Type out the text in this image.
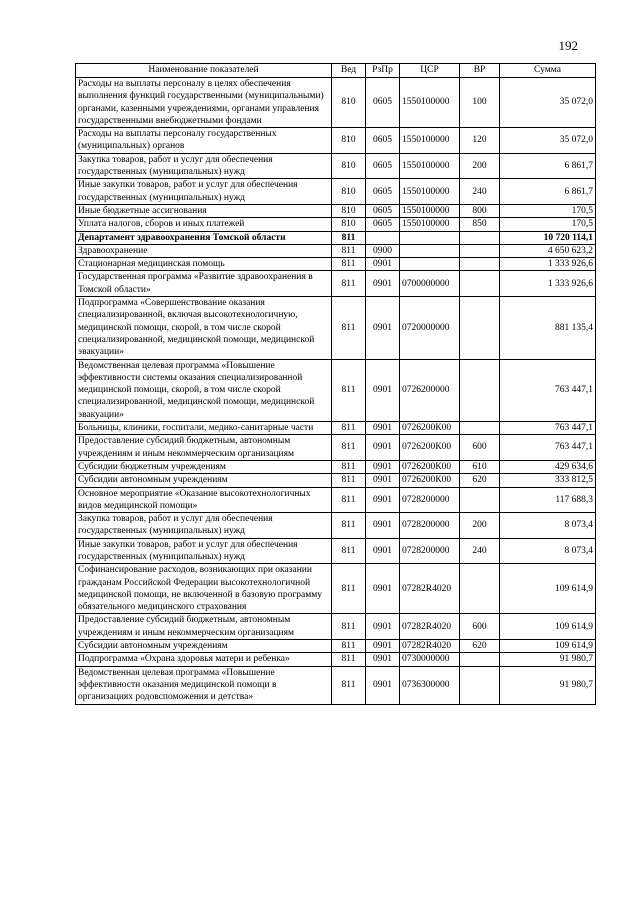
192
Наименование показателей	Вед	РзПр	ЦСР	ВР	Сумма
Расходы на выплаты персоналу в целях обеспечения выполнения функций государственными (муниципальными) органами, казенными учреждениями, органами управления государственными внебюджетными фондами	810	0605	1550100000	100	35 072,0
Расходы на выплаты персоналу государственных (муниципальных) органов	810	0605	1550100000	120	35 072,0
Закупка товаров, работ и услуг для обеспечения государственных (муниципальных) нужд	810	0605	1550100000	200	6 861,7
Иные закупки товаров, работ и услуг для обеспечения государственных (муниципальных) нужд	810	0605	1550100000	240	6 861,7
Иные бюджетные ассигнования	810	0605	1550100000	800	170,5
Уплата налогов, сборов и иных платежей	810	0605	1550100000	850	170,5
Департамент здравоохранения Томской области	811				10 720 114,1
Здравоохранение	811	0900			4 650 623,2
Стационарная медицинская помощь	811	0901			1 333 926,6
Государственная программа «Развитие здравоохранения в Томской области»	811	0901	0700000000		1 333 926,6
Подпрограмма «Совершенствование оказания специализированной, включая высокотехнологичную, медицинской помощи, скорой, в том числе скорой специализированной, медицинской помощи, медицинской эвакуации»	811	0901	0720000000		881 135,4
Ведомственная целевая программа «Повышение эффективности системы оказания специализированной медицинской помощи, скорой, в том числе скорой специализированной, медицинской помощи, медицинской эвакуации»	811	0901	0726200000		763 447,1
Больницы, клиники, госпитали, медико-санитарные части	811	0901	0726200К00		763 447,1
Предоставление субсидий бюджетным, автономным учреждениям и иным некоммерческим организациям	811	0901	0726200К00	600	763 447,1
Субсидии бюджетным учреждениям	811	0901	0726200К00	610	429 634,6
Субсидии автономным учреждениям	811	0901	0726200К00	620	333 812,5
Основное мероприятие «Оказание высокотехнологичных видов медицинской помощи»	811	0901	0728200000		117 688,3
Закупка товаров, работ и услуг для обеспечения государственных (муниципальных) нужд	811	0901	0728200000	200	8 073,4
Иные закупки товаров, работ и услуг для обеспечения государственных (муниципальных) нужд	811	0901	0728200000	240	8 073,4
Софинансирование расходов, возникающих при оказании гражданам Российской Федерации высокотехнологичной медицинской помощи, не включенной в базовую программу обязательного медицинского страхования	811	0901	07282R4020		109 614,9
Предоставление субсидий бюджетным, автономным учреждениям и иным некоммерческим организациям	811	0901	07282R4020	600	109 614,9
Субсидии автономным учреждениям	811	0901	07282R4020	620	109 614,9
Подпрограмма «Охрана здоровья матери и ребенка»	811	0901	0730000000		91 980,7
Ведомственная целевая программа «Повышение эффективности оказания медицинской помощи в организациях родовспоможения и детства»	811	0901	0736300000		91 980,7
